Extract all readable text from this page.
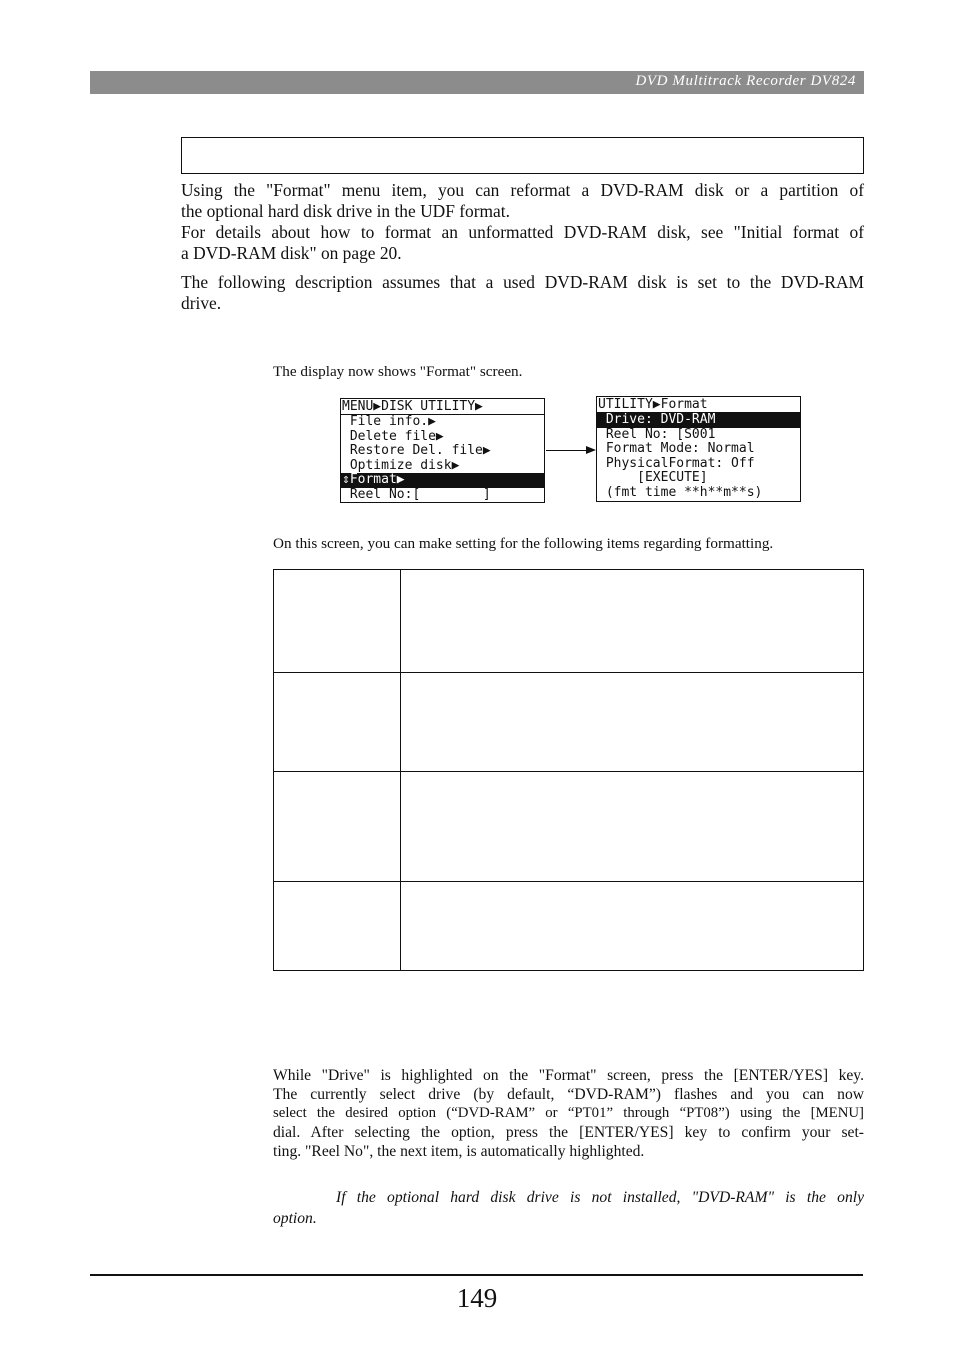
DVD Multitrack Recorder DV824
Using the "Format" menu item, you can reformat a DVD-RAM disk or a partition of
the optional hard disk drive in the UDF format.
For details about how to format an unformatted DVD-RAM disk, see "Initial format of
a DVD-RAM disk" on page 20.
The following description assumes that a used DVD-RAM disk is set to the DVD-RAM
drive.
The display now shows "Format" screen.
MENU▶DISK UTILITY▶
File info.▶
Delete file▶
Restore Del. file▶
Optimize disk▶
⇕Format▶
Reel No:[        ]
UTILITY▶Format
Drive: DVD-RAM
Reel No: [S001
Format Mode: Normal
PhysicalFormat: Off
[EXECUTE]
(fmt time **h**m**s)
On this screen, you can make setting for the following items regarding formatting.
While "Drive" is highlighted on the "Format" screen, press the [ENTER/YES] key.
The currently select drive (by default, “DVD-RAM”) flashes and you can now
select the desired option (“DVD-RAM” or “PT01” through “PT08”) using the [MENU]
dial. After selecting the option, press the [ENTER/YES] key to confirm your set-
ting. "Reel No", the next item, is automatically highlighted.
If the optional hard disk drive is not installed, "DVD-RAM" is the only
option.
149
